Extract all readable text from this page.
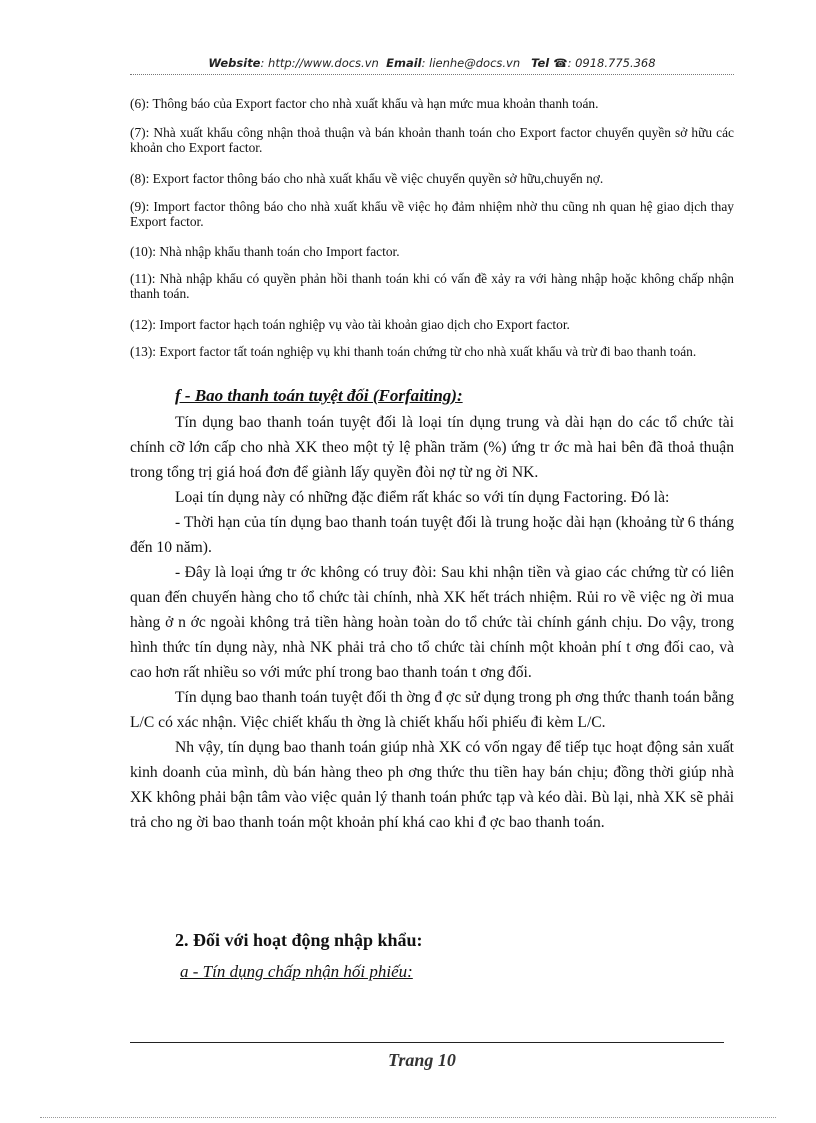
Website: http://www.docs.vn Email: lienhe@docs.vn Tel ☎: 0918.775.368
(6): Thông báo của Export factor cho nhà xuất khẩu và hạn mức mua khoản thanh toán.
(7): Nhà xuất khẩu công nhận thoả thuận và bán khoản thanh toán cho Export factor chuyển quyền sở hữu các khoản cho Export factor.
(8): Export factor thông báo cho nhà xuất khẩu về việc chuyển quyền sở hữu,chuyển nợ.
(9): Import factor thông báo cho nhà xuất khẩu về việc họ đảm nhiệm nhờ thu cũng nh quan hệ giao dịch thay Export factor.
(10): Nhà nhập khẩu thanh toán cho Import factor.
(11): Nhà nhập khẩu có quyền phản hồi thanh toán khi có vấn đề xảy ra với hàng nhập hoặc không chấp nhận thanh toán.
(12): Import factor hạch toán nghiệp vụ vào tài khoản giao dịch cho Export factor.
(13): Export factor tất toán nghiệp vụ khi thanh toán chứng từ cho nhà xuất khẩu và trừ đi bao thanh toán.
f - Bao thanh toán tuyệt đối (Forfaiting):

Tín dụng bao thanh toán tuyệt đối là loại tín dụng trung và dài hạn do các tổ chức tài chính cỡ lớn cấp cho nhà XK theo một tỷ lệ phần trăm (%) ứng tr ớc mà hai bên đã thoả thuận trong tổng trị giá hoá đơn để giành lấy quyền đòi nợ từ ng ời NK.

Loại tín dụng này có những đặc điểm rất khác so với tín dụng Factoring. Đó là:

- Thời hạn của tín dụng bao thanh toán tuyệt đối là trung hoặc dài hạn (khoảng từ 6 tháng đến 10 năm).

- Đây là loại ứng tr ớc không có truy đòi: Sau khi nhận tiền và giao các chứng từ có liên quan đến chuyến hàng cho tổ chức tài chính, nhà XK hết trách nhiệm. Rủi ro về việc ng ời mua hàng ở n ớc ngoài không trả tiền hàng hoàn toàn do tổ chức tài chính gánh chịu. Do vậy, trong hình thức tín dụng này, nhà NK phải trả cho tổ chức tài chính một khoản phí t ơng đối cao, và cao hơn rất nhiều so với mức phí trong bao thanh toán t ơng đối.

Tín dụng bao thanh toán tuyệt đối th ờng đ ợc sử dụng trong ph ơng thức thanh toán bằng L/C có xác nhận. Việc chiết khấu th ờng là chiết khấu hối phiếu đi kèm L/C.

Nh vậy, tín dụng bao thanh toán giúp nhà XK có vốn ngay để tiếp tục hoạt động sản xuất kinh doanh của mình, dù bán hàng theo ph ơng thức thu tiền hay bán chịu; đồng thời giúp nhà XK không phải bận tâm vào việc quản lý thanh toán phức tạp và kéo dài. Bù lại, nhà XK sẽ phải trả cho ng ời bao thanh toán một khoản phí khá cao khi đ ợc bao thanh toán.

2. Đối với hoạt động nhập khẩu:
a - Tín dụng chấp nhận hối phiếu:
Trang 10
